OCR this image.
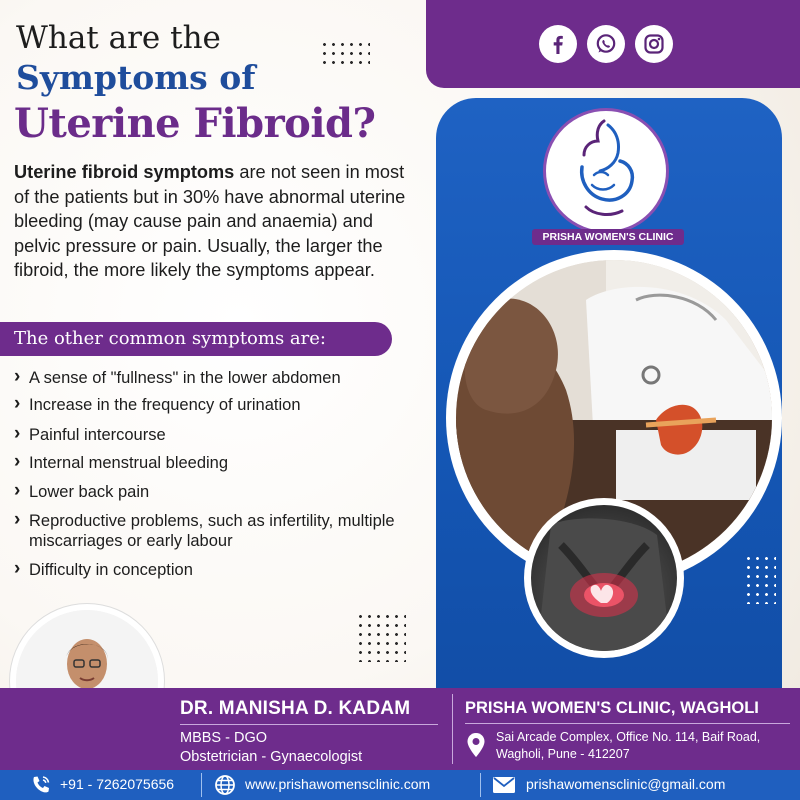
What are the
Symptoms of
Uterine Fibroid?

Uterine fibroid symptoms are not seen in most of the patients but in 30% have abnormal uterine bleeding (may cause pain and anaemia) and pelvic pressure or pain. Usually, the larger the fibroid, the more likely the symptoms appear.

The other common symptoms are:
› A sense of "fullness" in the lower abdomen
› Increase in the frequency of urination
› Painful intercourse
› Internal menstrual bleeding
› Lower back pain
› Reproductive problems, such as infertility, multiple miscarriages or early labour
› Difficulty in conception
PRISHA WOMEN'S CLINIC
DR. MANISHA D. KADAM
MBBS - DGO
Obstetrician - Gynaecologist
PRISHA WOMEN'S CLINIC, WAGHOLI
Sai Arcade Complex, Office No. 114, Baif Road,
Wagholi, Pune - 412207
+91 - 7262075656	www.prishawomensclinic.com	prishawomensclinic@gmail.com
